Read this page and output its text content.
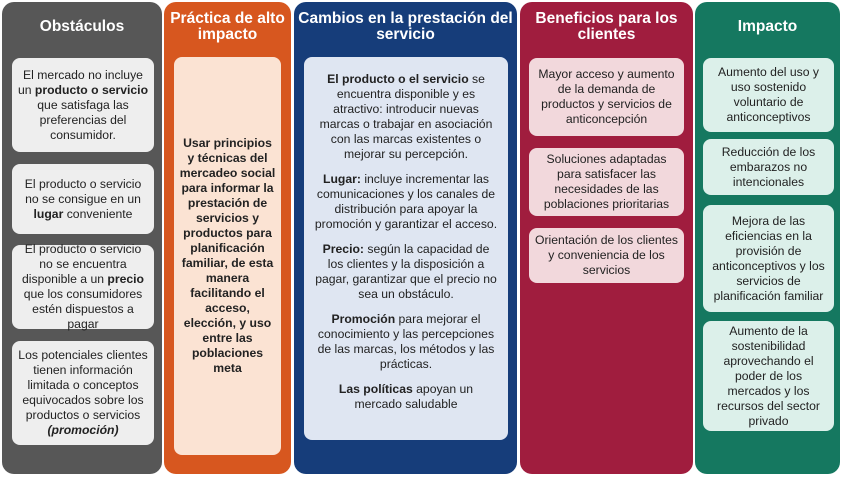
Obstáculos
El mercado no incluye un producto o servicio que satisfaga las preferencias del consumidor.
El producto o servicio no se consigue en un lugar conveniente
El producto o servicio no se encuentra disponible a un precio que los consumidores estén dispuestos a pagar
Los potenciales clientes tienen información limitada o conceptos equivocados sobre los productos o servicios (promoción)
Práctica de alto impacto
Usar principios y técnicas del mercadeo social para informar la prestación de servicios y productos para planificación familiar, de esta manera facilitando el acceso, elección, y uso entre las poblaciones meta
Cambios en la prestación del servicio

El producto o el servicio se encuentra disponible y es atractivo: introducir nuevas marcas o trabajar en asociación con las marcas existentes o mejorar su percepción.

Lugar: incluye incrementar las comunicaciones y los canales de distribución para apoyar la promoción y garantizar el acceso.

Precio: según la capacidad de los clientes y la disposición a pagar, garantizar que el precio no sea un obstáculo.

Promoción para mejorar el conocimiento y las percepciones de las marcas, los métodos y las prácticas.

Las políticas apoyan un mercado saludable

Beneficios para los clientes
Mayor acceso y aumento de la demanda de productos y servicios de anticoncepción
Soluciones adaptadas para satisfacer las necesidades de las poblaciones prioritarias
Orientación de los clientes y conveniencia de los servicios
Impacto
Aumento del uso y uso sostenido voluntario de anticonceptivos
Reducción de los embarazos no intencionales
Mejora de las eficiencias en la provisión de anticonceptivos y los servicios de planificación familiar
Aumento de la sostenibilidad aprovechando el poder de los mercados y los recursos del sector privado
